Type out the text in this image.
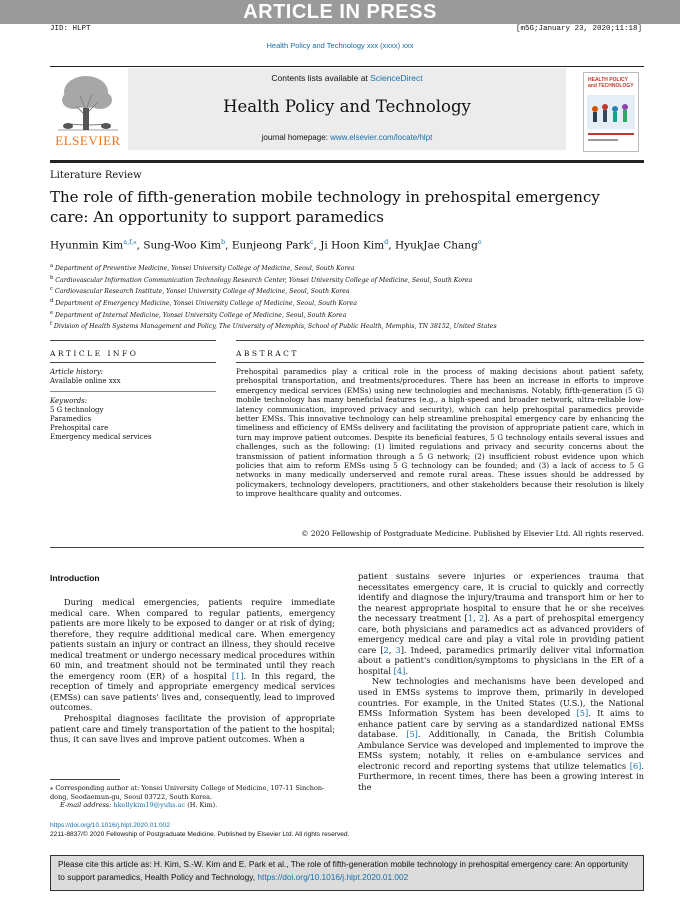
ARTICLE IN PRESS
JID: HLPT	[m5G;January 23, 2020;11:18]
Health Policy and Technology xxx (xxxx) xxx
ELSEVIER
Contents lists available at ScienceDirect
Health Policy and Technology
journal homepage: www.elsevier.com/locate/hlpt
HEALTH POLICY and TECHNOLOGY
Literature Review
The role of fifth-generation mobile technology in prehospital emergency care: An opportunity to support paramedics
Hyunmin Kim$^{a,f,⁎}$, Sung-Woo Kim$^b$, Eunjeong Park$^c$, Ji Hoon Kim$^d$, HyukJae Chang$^e$
$^a$ Department of Preventive Medicine, Yonsei University College of Medicine, Seoul, South Korea
$^b$ Cardiovascular Information Communication Technology Research Center, Yonsei University College of Medicine, Seoul, South Korea
$^c$ Cardiovascular Research Institute, Yonsei University College of Medicine, Seoul, South Korea
$^d$ Department of Emergency Medicine, Yonsei University College of Medicine, Seoul, South Korea
$^e$ Department of Internal Medicine, Yonsei University College of Medicine, Seoul, South Korea
$^f$ Division of Health Systems Management and Policy, The University of Memphis, School of Public Health, Memphis, TN 38152, United States
ARTICLE INFO
Article history:
Available online xxx
Keywords:
5 G technology
Paramedics
Prehospital care
Emergency medical services
ABSTRACT
Prehospital paramedics play a critical role in the process of making decisions about patient safety, prehospital transportation, and treatments/procedures. There has been an increase in efforts to improve emergency medical services (EMSs) using new technologies and mechanisms. Notably, fifth-generation (5 G) mobile technology has many beneficial features (e.g., a high-speed and broader network, ultra-reliable low-latency communication, improved privacy and security), which can help prehospital paramedics provide better EMSs. This innovative technology can help streamline prehospital emergency care by enhancing the timeliness and efficiency of EMSs delivery and facilitating the provision of appropriate patient care, which in turn may improve patient outcomes. Despite its beneficial features, 5 G technology entails several issues and challenges, such as the following: (1) limited regulations and privacy and security concerns about the transmission of patient information through a 5 G network; (2) insufficient robust evidence upon which policies that aim to reform EMSs using 5 G technology can be founded; and (3) a lack of access to 5 G networks in many medically underserved and remote rural areas. These issues should be addressed by policymakers, technology developers, practitioners, and other stakeholders because their resolution is likely to improve healthcare quality and outcomes.
© 2020 Fellowship of Postgraduate Medicine. Published by Elsevier Ltd. All rights reserved.
Introduction

During medical emergencies, patients require immediate medical care. When compared to regular patients, emergency patients are more likely to be exposed to danger or at risk of dying; therefore, they require additional medical care. When emergency patients sustain an injury or contract an illness, they should receive medical treatment or undergo necessary medical procedures within 60 min, and treatment should not be terminated until they reach the emergency room (ER) of a hospital [1]. In this regard, the reception of timely and appropriate emergency medical services (EMSs) can save patients' lives and, consequently, lead to improved outcomes.

Prehospital diagnoses facilitate the provision of appropriate patient care and timely transportation of the patient to the hospital; thus, it can save lives and improve patient outcomes. When a

patient sustains severe injuries or experiences trauma that necessitates emergency care, it is crucial to quickly and correctly identify and diagnose the injury/trauma and transport him or her to the nearest appropriate hospital to ensure that he or she receives the necessary treatment [1, 2]. As a part of prehospital emergency care, both physicians and paramedics act as advanced providers of emergency medical care and play a vital role in providing patient care [2, 3]. Indeed, paramedics primarily deliver vital information about a patient's condition/symptoms to physicians in the ER of a hospital [4].

New technologies and mechanisms have been developed and used in EMSs systems to improve them, primarily in developed countries. For example, in the United States (U.S.), the National EMSs Information System has been developed [5]. It aims to enhance patient care by serving as a standardized national EMSs database. [5]. Additionally, in Canada, the British Columbia Ambulance Service was developed and implemented to improve the EMSs system; notably, it relies on e-ambulance services and electronic record and reporting systems that utilize telematics [6]. Furthermore, in recent times, there has been a growing interest in the

⁎ Corresponding author at: Yonsei University College of Medicine, 107-11 Sinchon-dong, Seodaemun-gu, Seoul 03722, South Korea.
E-mail address: hkellykim19@yuhs.ac (H. Kim).
https://doi.org/10.1016/j.hlpt.2020.01.002
2211-8837/© 2020 Fellowship of Postgraduate Medicine. Published by Elsevier Ltd. All rights reserved.
Please cite this article as: H. Kim, S.-W. Kim and E. Park et al., The role of fifth-generation mobile technology in prehospital emergency care: An opportunity to support paramedics, Health Policy and Technology, https://doi.org/10.1016/j.hlpt.2020.01.002
